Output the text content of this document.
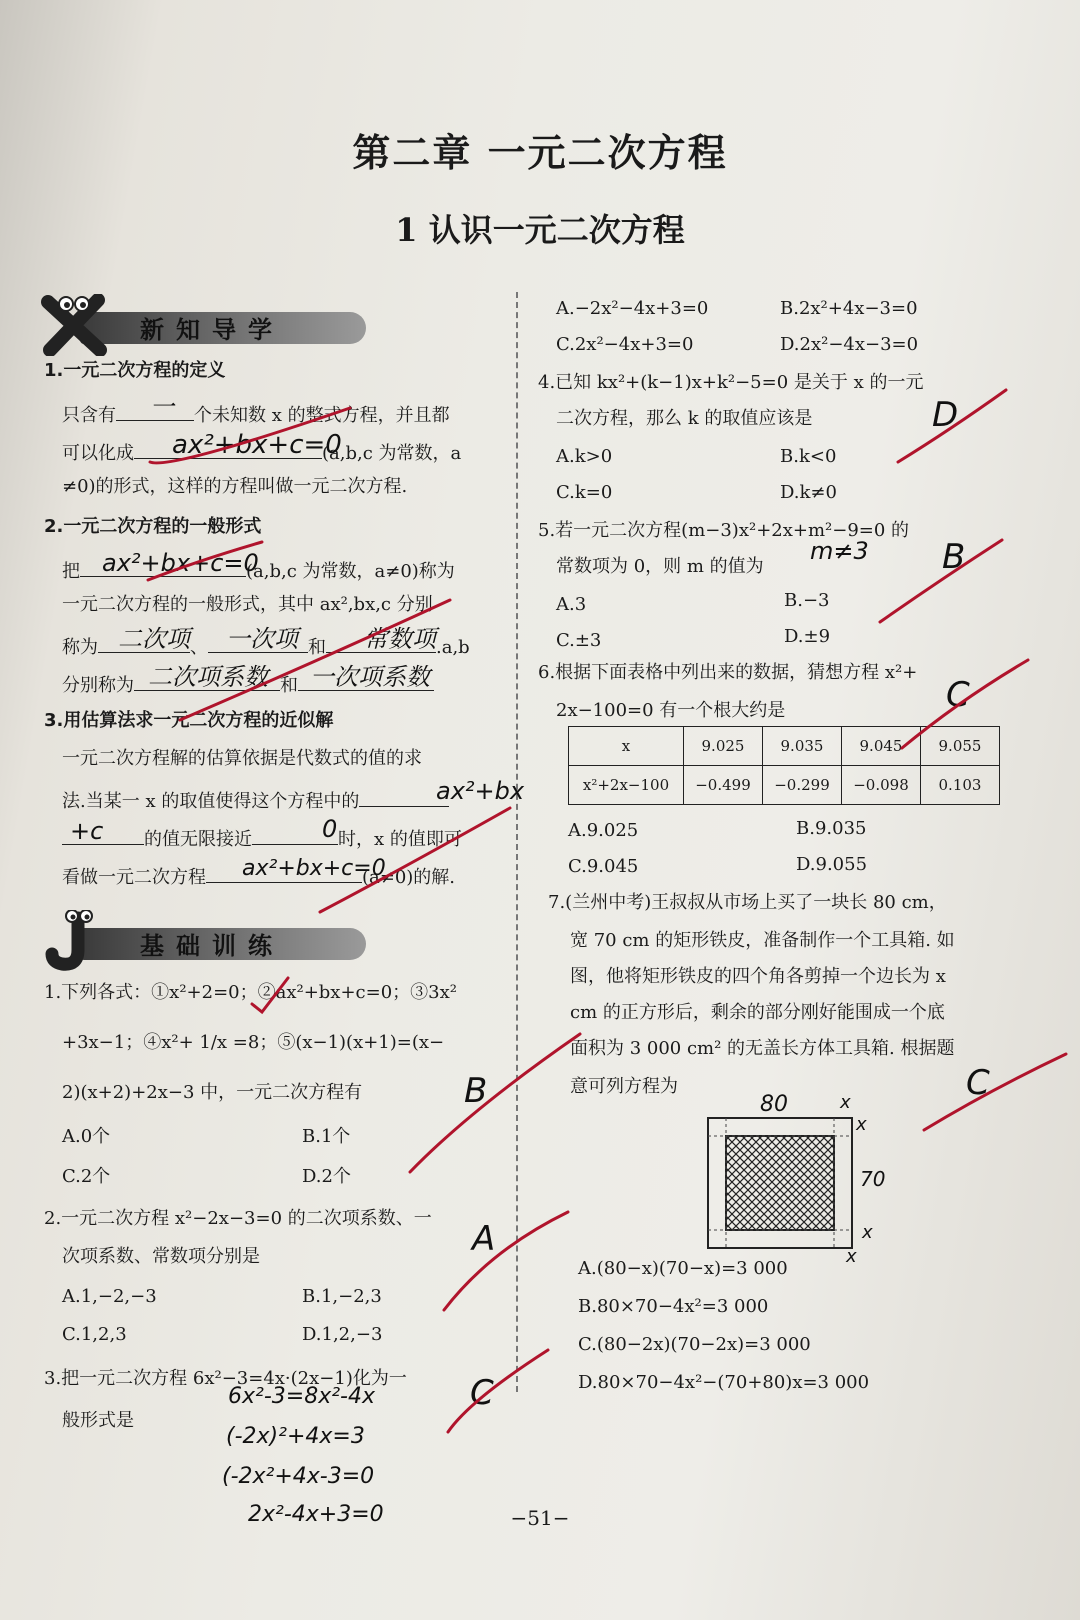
第二章 一元二次方程
1 认识一元二次方程
新知导学
1.一元二次方程的定义
只含有	个未知数 x 的整式方程，并且都
可以化成	(a,b,c 为常数，a
≠0)的形式，这样的方程叫做一元二次方程.
2.一元二次方程的一般形式
把	(a,b,c 为常数，a≠0)称为
一元二次方程的一般形式，其中 ax²,bx,c 分别
称为	、	和	.a,b
分别称为	和
3.用估算法求一元二次方程的近似解
一元二次方程解的估算依据是代数式的值的求
法.当某一 x 的取值使得这个方程中的
的值无限接近	时，x 的值即可
看做一元二次方程	(a≠0)的解.
基础训练
1.下列各式：①x²+2=0；②ax²+bx+c=0；③3x²
+3x−1；④x²+ 1/x =8；⑤(x−1)(x+1)=(x−
2)(x+2)+2x−3 中，一元二次方程有
A.0个	B.1个
C.2个	D.2个
2.一元二次方程 x²−2x−3=0 的二次项系数、一
次项系数、常数项分别是
A.1,−2,−3	B.1,−2,3
C.1,2,3	D.1,2,−3
3.把一元二次方程 6x²−3=4x·(2x−1)化为一
般形式是
A.−2x²−4x+3=0	B.2x²+4x−3=0
C.2x²−4x+3=0	D.2x²−4x−3=0
4.已知 kx²+(k−1)x+k²−5=0 是关于 x 的一元
二次方程，那么 k 的取值应该是
A.k>0	B.k<0
C.k=0	D.k≠0
5.若一元二次方程(m−3)x²+2x+m²−9=0 的
常数项为 0，则 m 的值为
A.3	B.−3
C.±3	D.±9
6.根据下面表格中列出来的数据，猜想方程 x²+
2x−100=0 有一个根大约是
x	9.025	9.035	9.045	9.055
x²+2x−100	−0.499	−0.299	−0.098	0.103
A.9.025	B.9.035
C.9.045	D.9.055
7.(兰州中考)王叔叔从市场上买了一块长 80 cm，
宽 70 cm 的矩形铁皮，准备制作一个工具箱. 如
图，他将矩形铁皮的四个角各剪掉一个边长为 x
cm 的正方形后，剩余的部分刚好能围成一个底
面积为 3 000 cm² 的无盖长方体工具箱. 根据题
意可列方程为
A.(80−x)(70−x)=3 000
B.80×70−4x²=3 000
C.(80−2x)(70−2x)=3 000
D.80×70−4x²−(70+80)x=3 000
一
ax²+bx+c=0
ax²+bx+c=0
二次项 一次项	常数项
二次项系数 一次项系数
ax²+bx
+c	0
ax²+bx+c=0
6x²-3=8x²-4x
(-2x)²+4x=3
(-2x²+4x-3=0
2x²-4x+3=0
B
A
C
D
B
m≠3
C
C
80
70
x
x
x
x
−51−
